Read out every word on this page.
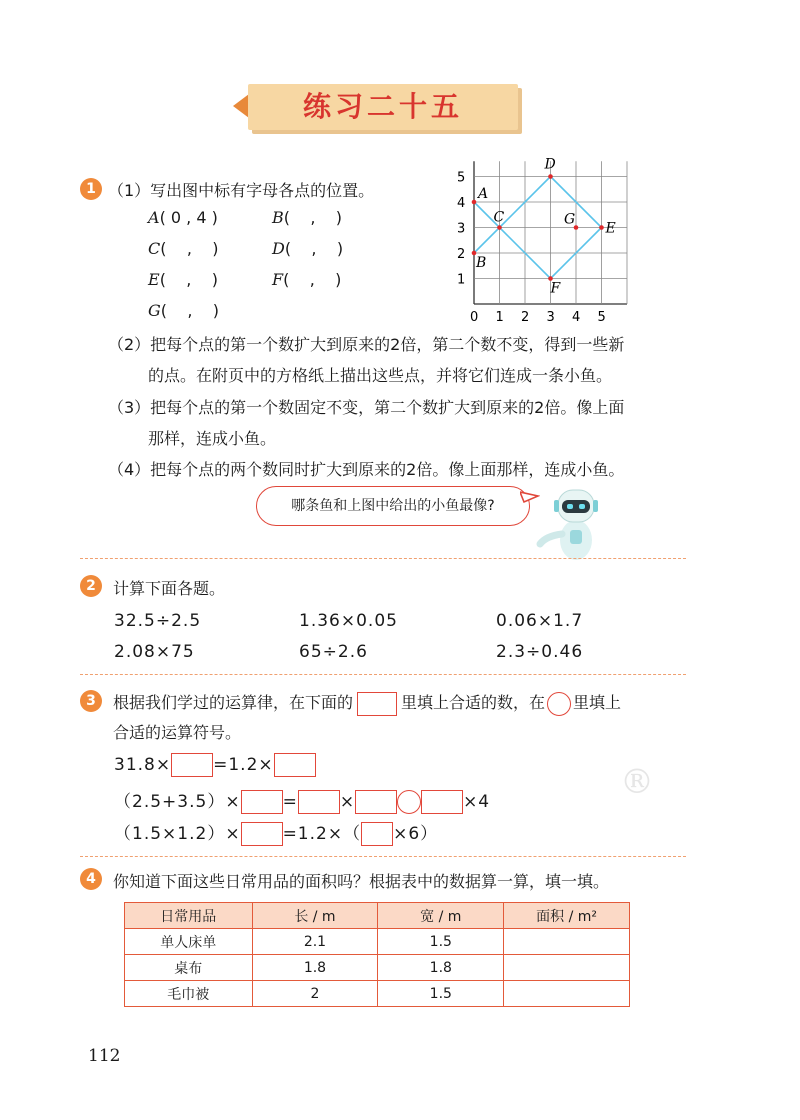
练习二十五
1 （1）写出图中标有字母各点的位置。
A( 0 , 4 )	B(    ,    )
C(    ,    )	D(    ,    )
E(    ,    )	F(    ,    )
G(    ,    )
A
B
C
D
E
F
G
0 1 2 3 4 5
1
2
3
4
5
（2）把每个点的第一个数扩大到原来的2倍，第二个数不变，得到一些新
的点。在附页中的方格纸上描出这些点，并将它们连成一条小鱼。
（3）把每个点的第一个数固定不变，第二个数扩大到原来的2倍。像上面
那样，连成小鱼。
（4）把每个点的两个数同时扩大到原来的2倍。像上面那样，连成小鱼。
哪条鱼和上图中给出的小鱼最像?
2	计算下面各题。
32.5÷2.5	1.36×0.05	0.06×1.7
2.08×75	65÷2.6	2.3÷0.46
®
3	根据我们学过的运算律，在下面的	里填上合适的数，在 里填上
合适的运算符号。
31.8× =1.2×
（2.5+3.5）× = ×	×4
（1.5×1.2）× =1.2×（ ×6）
4	你知道下面这些日常用品的面积吗？根据表中的数据算一算，填一填。
日常用品	长 / m	宽 / m	面积 / m²
单人床单	2.1	1.5	
桌布	1.8	1.8	
毛巾被	2	1.5	
112
